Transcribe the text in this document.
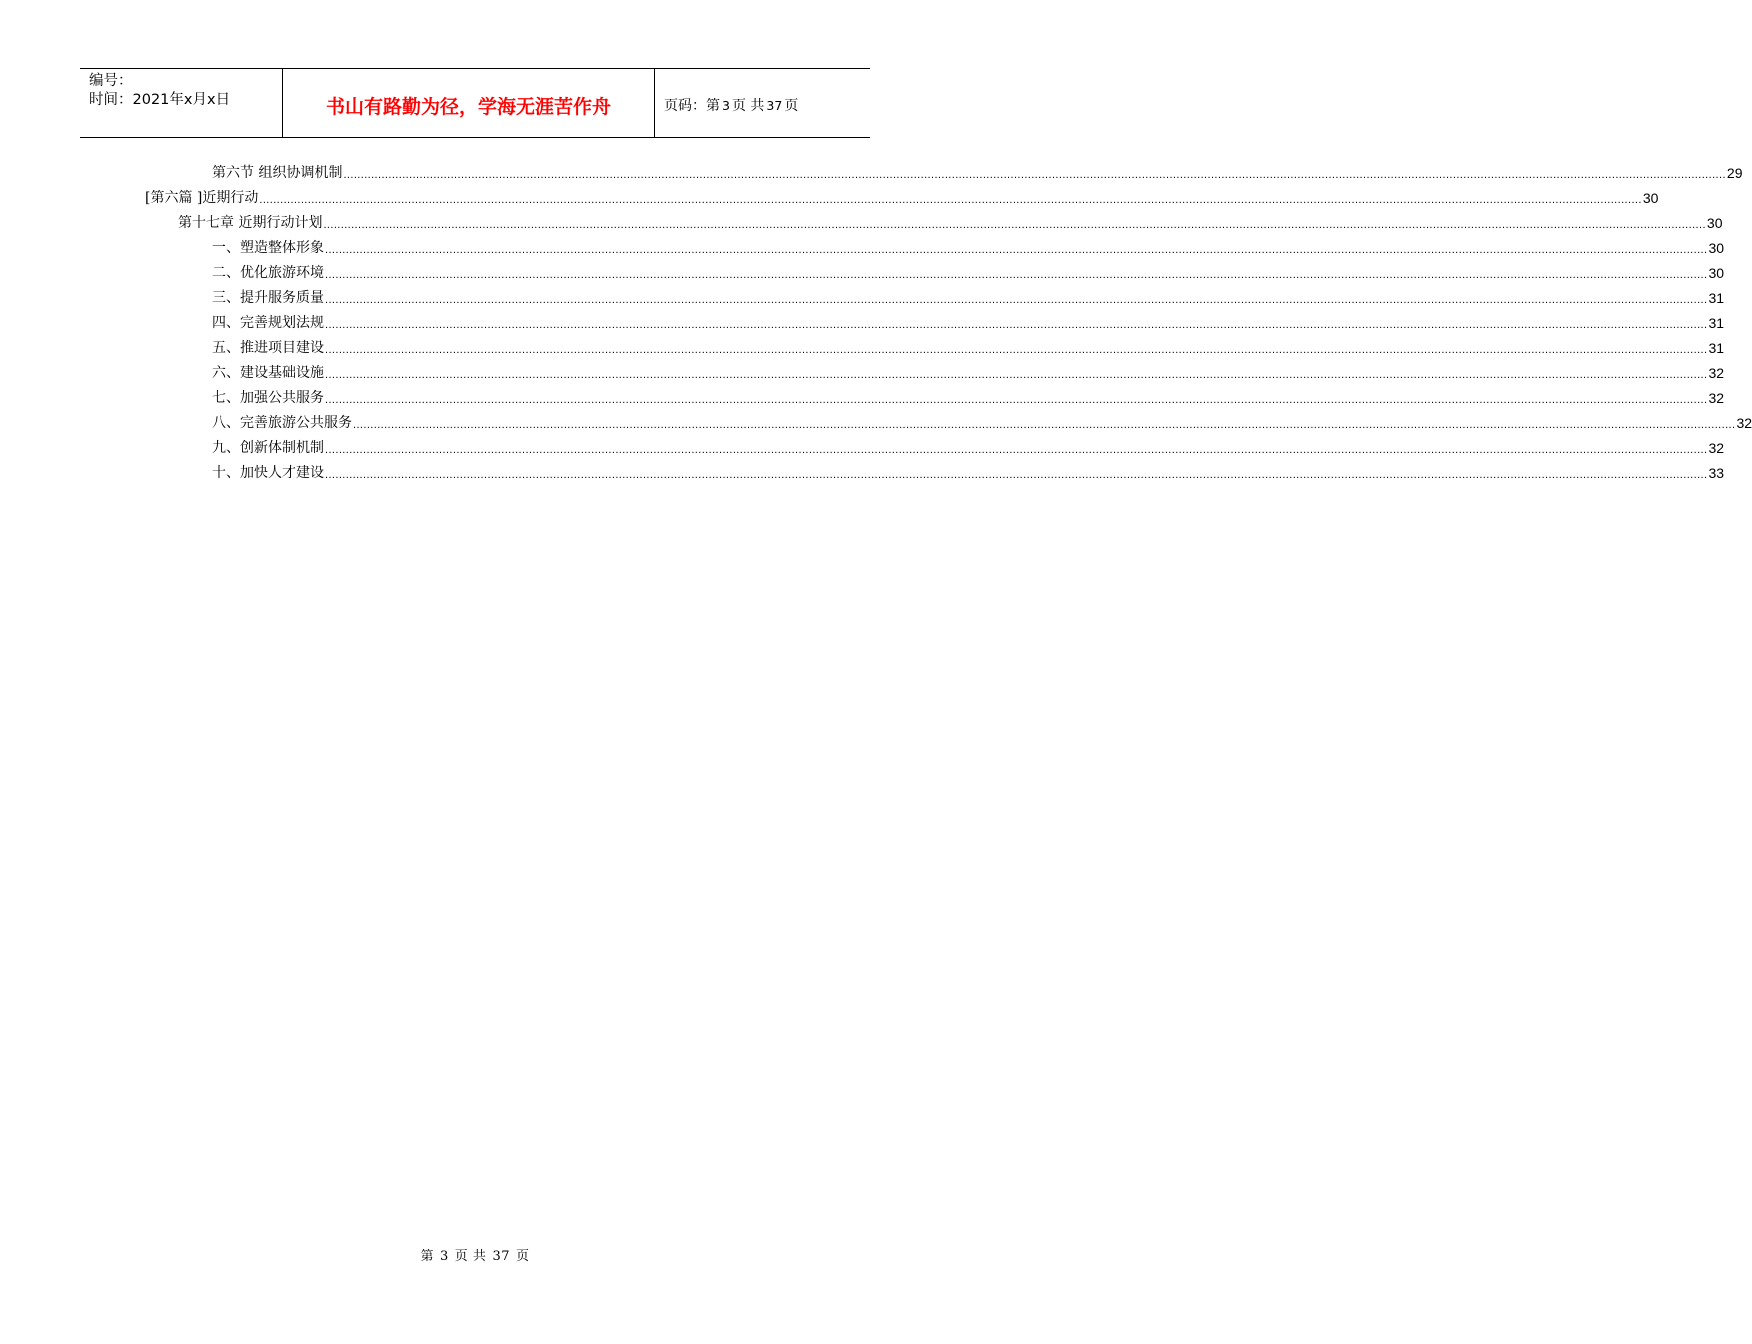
编号：
时间：2021年x月x日	书山有路勤为径，学海无涯苦作舟	页码：第 3 页 共 37 页
第六节 组织协调机制 ................................................................................................................................................................................................................................................................................................................................................................................................................ 29
[第六篇 ]近期行动 ................................................................................................................................................................................................................................................................................................................................................................................................................ 30
第十七章 近期行动计划 ................................................................................................................................................................................................................................................................................................................................................................................................................ 30
一、塑造整体形象 ................................................................................................................................................................................................................................................................................................................................................................................................................ 30
二、优化旅游环境 ................................................................................................................................................................................................................................................................................................................................................................................................................ 30
三、提升服务质量 ................................................................................................................................................................................................................................................................................................................................................................................................................ 31
四、完善规划法规 ................................................................................................................................................................................................................................................................................................................................................................................................................ 31
五、推进项目建设 ................................................................................................................................................................................................................................................................................................................................................................................................................ 31
六、建设基础设施 ................................................................................................................................................................................................................................................................................................................................................................................................................ 32
七、加强公共服务 ................................................................................................................................................................................................................................................................................................................................................................................................................ 32
八、完善旅游公共服务 ................................................................................................................................................................................................................................................................................................................................................................................................................ 32
九、创新体制机制 ................................................................................................................................................................................................................................................................................................................................................................................................................ 32
十、加快人才建设 ................................................................................................................................................................................................................................................................................................................................................................................................................ 33
第 3 页 共 37 页
